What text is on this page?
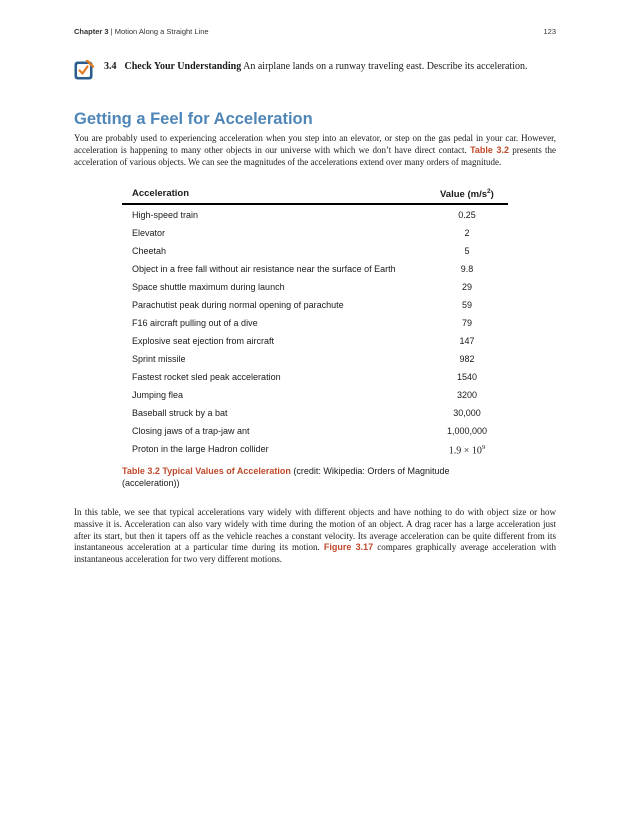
Chapter 3 | Motion Along a Straight Line	123
3.4 Check Your Understanding An airplane lands on a runway traveling east. Describe its acceleration.
Getting a Feel for Acceleration

You are probably used to experiencing acceleration when you step into an elevator, or step on the gas pedal in your car. However, acceleration is happening to many other objects in our universe with which we don’t have direct contact. Table 3.2 presents the acceleration of various objects. We can see the magnitudes of the accelerations extend over many orders of magnitude.

Acceleration	Value $(m/s^2)$
High-speed train	0.25
Elevator	2
Cheetah	5
Object in a free fall without air resistance near the surface of Earth	9.8
Space shuttle maximum during launch	29
Parachutist peak during normal opening of parachute	59
F16 aircraft pulling out of a dive	79
Explosive seat ejection from aircraft	147
Sprint missile	982
Fastest rocket sled peak acceleration	1540
Jumping flea	3200
Baseball struck by a bat	30,000
Closing jaws of a trap-jaw ant	1,000,000
Proton in the large Hadron collider	$1.9 \times 10^9$
Table 3.2 Typical Values of Acceleration (credit: Wikipedia: Orders of Magnitude (acceleration))

In this table, we see that typical accelerations vary widely with different objects and have nothing to do with object size or how massive it is. Acceleration can also vary widely with time during the motion of an object. A drag racer has a large acceleration just after its start, but then it tapers off as the vehicle reaches a constant velocity. Its average acceleration can be quite different from its instantaneous acceleration at a particular time during its motion. Figure 3.17 compares graphically average acceleration with instantaneous acceleration for two very different motions.
